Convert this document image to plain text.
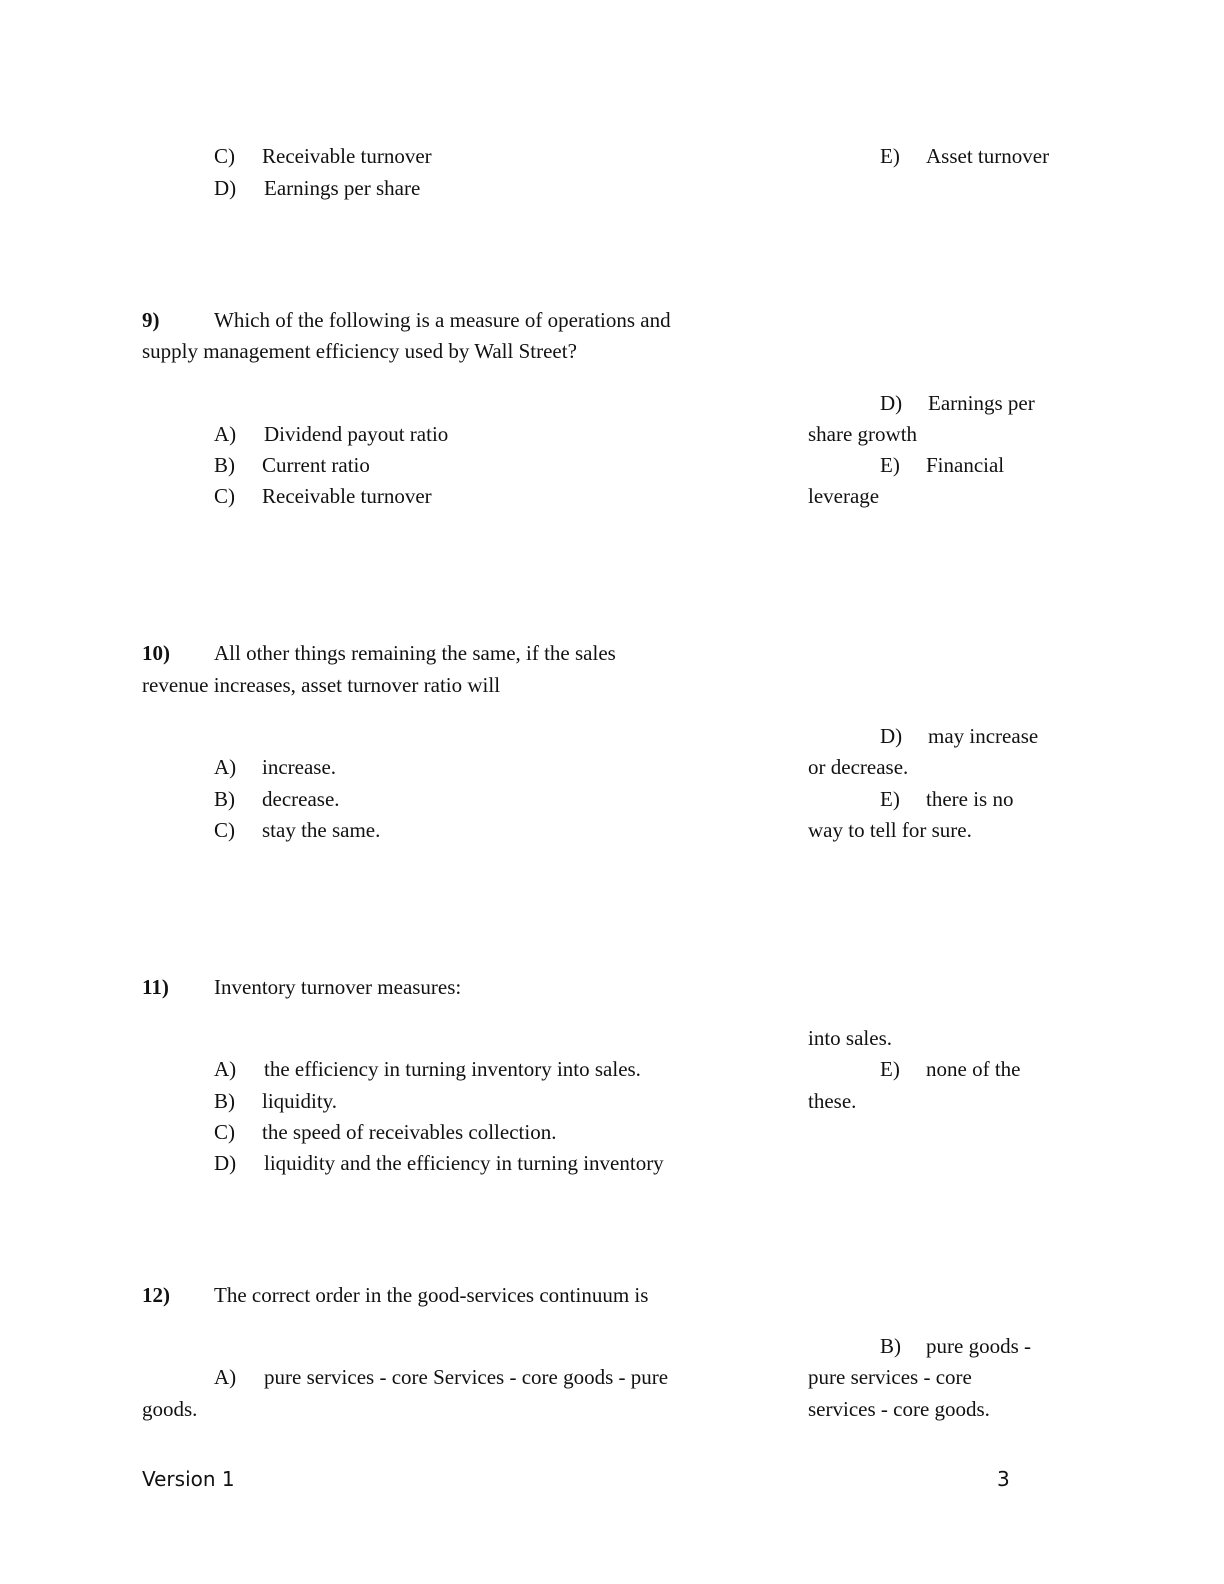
C) Receivable turnover
D) Earnings per share
E) Asset turnover
9)	Which of the following is a measure of operations and
supply management efficiency used by Wall Street?
A) Dividend payout ratio
B) Current ratio
C) Receivable turnover
D) Earnings per
share growth
E) Financial
leverage
10) All other things remaining the same, if the sales
revenue increases, asset turnover ratio will
A) increase.
B) decrease.
C) stay the same.
D) may increase
or decrease.
E) there is no
way to tell for sure.
11) Inventory turnover measures:
A) the efficiency in turning inventory into sales.
B) liquidity.
C) the speed of receivables collection.
D) liquidity and the efficiency in turning inventory
into sales.
E) none of the
these.
12) The correct order in the good-services continuum is
A) pure services - core Services - core goods - pure
goods.
B) pure goods -
pure services - core
services - core goods.
Version 1	3
